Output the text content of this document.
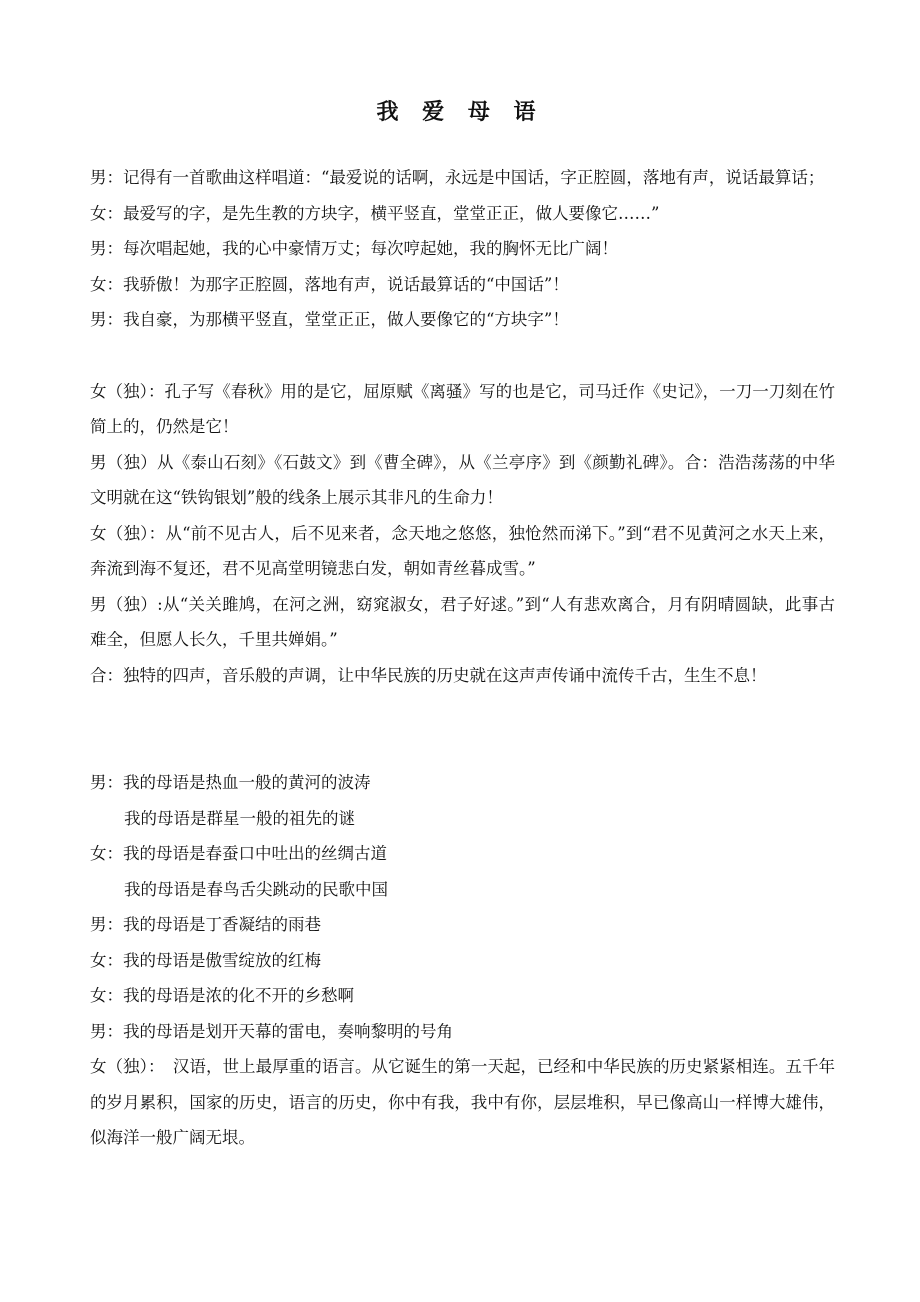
我 爱 母 语

男：记得有一首歌曲这样唱道：“最爱说的话啊，永远是中国话，字正腔圆，落地有声，说话最算话；

女：最爱写的字，是先生教的方块字，横平竖直，堂堂正正，做人要像它……”

男：每次唱起她，我的心中豪情万丈；每次哼起她，我的胸怀无比广阔！

女：我骄傲！为那字正腔圆，落地有声，说话最算话的“中国话”！

男：我自豪，为那横平竖直，堂堂正正，做人要像它的“方块字”！

女（独）：孔子写《春秋》用的是它，屈原赋《离骚》写的也是它，司马迁作《史记》，一刀一刀刻在竹简上的，仍然是它！

男（独）从《泰山石刻》《石鼓文》到《曹全碑》，从《兰亭序》到《颜勤礼碑》。合：浩浩荡荡的中华文明就在这“铁钩银划”般的线条上展示其非凡的生命力！

女（独）：从“前不见古人，后不见来者，念天地之悠悠，独怆然而涕下。”到“君不见黄河之水天上来，奔流到海不复还，君不见高堂明镜悲白发，朝如青丝暮成雪。”

男（独）:从“关关雎鸠，在河之洲，窈窕淑女，君子好逑。”到“人有悲欢离合，月有阴晴圆缺，此事古难全，但愿人长久，千里共婵娟。”

合：独特的四声，音乐般的声调，让中华民族的历史就在这声声传诵中流传千古，生生不息！

男：我的母语是热血一般的黄河的波涛

我的母语是群星一般的祖先的谜

女：我的母语是春蚕口中吐出的丝绸古道

我的母语是春鸟舌尖跳动的民歌中国

男：我的母语是丁香凝结的雨巷

女：我的母语是傲雪绽放的红梅

女：我的母语是浓的化不开的乡愁啊

男：我的母语是划开天幕的雷电，奏响黎明的号角

女（独）：　汉语，世上最厚重的语言。从它诞生的第一天起，已经和中华民族的历史紧紧相连。五千年的岁月累积，国家的历史，语言的历史，你中有我，我中有你，层层堆积，早已像高山一样博大雄伟，似海洋一般广阔无垠。
